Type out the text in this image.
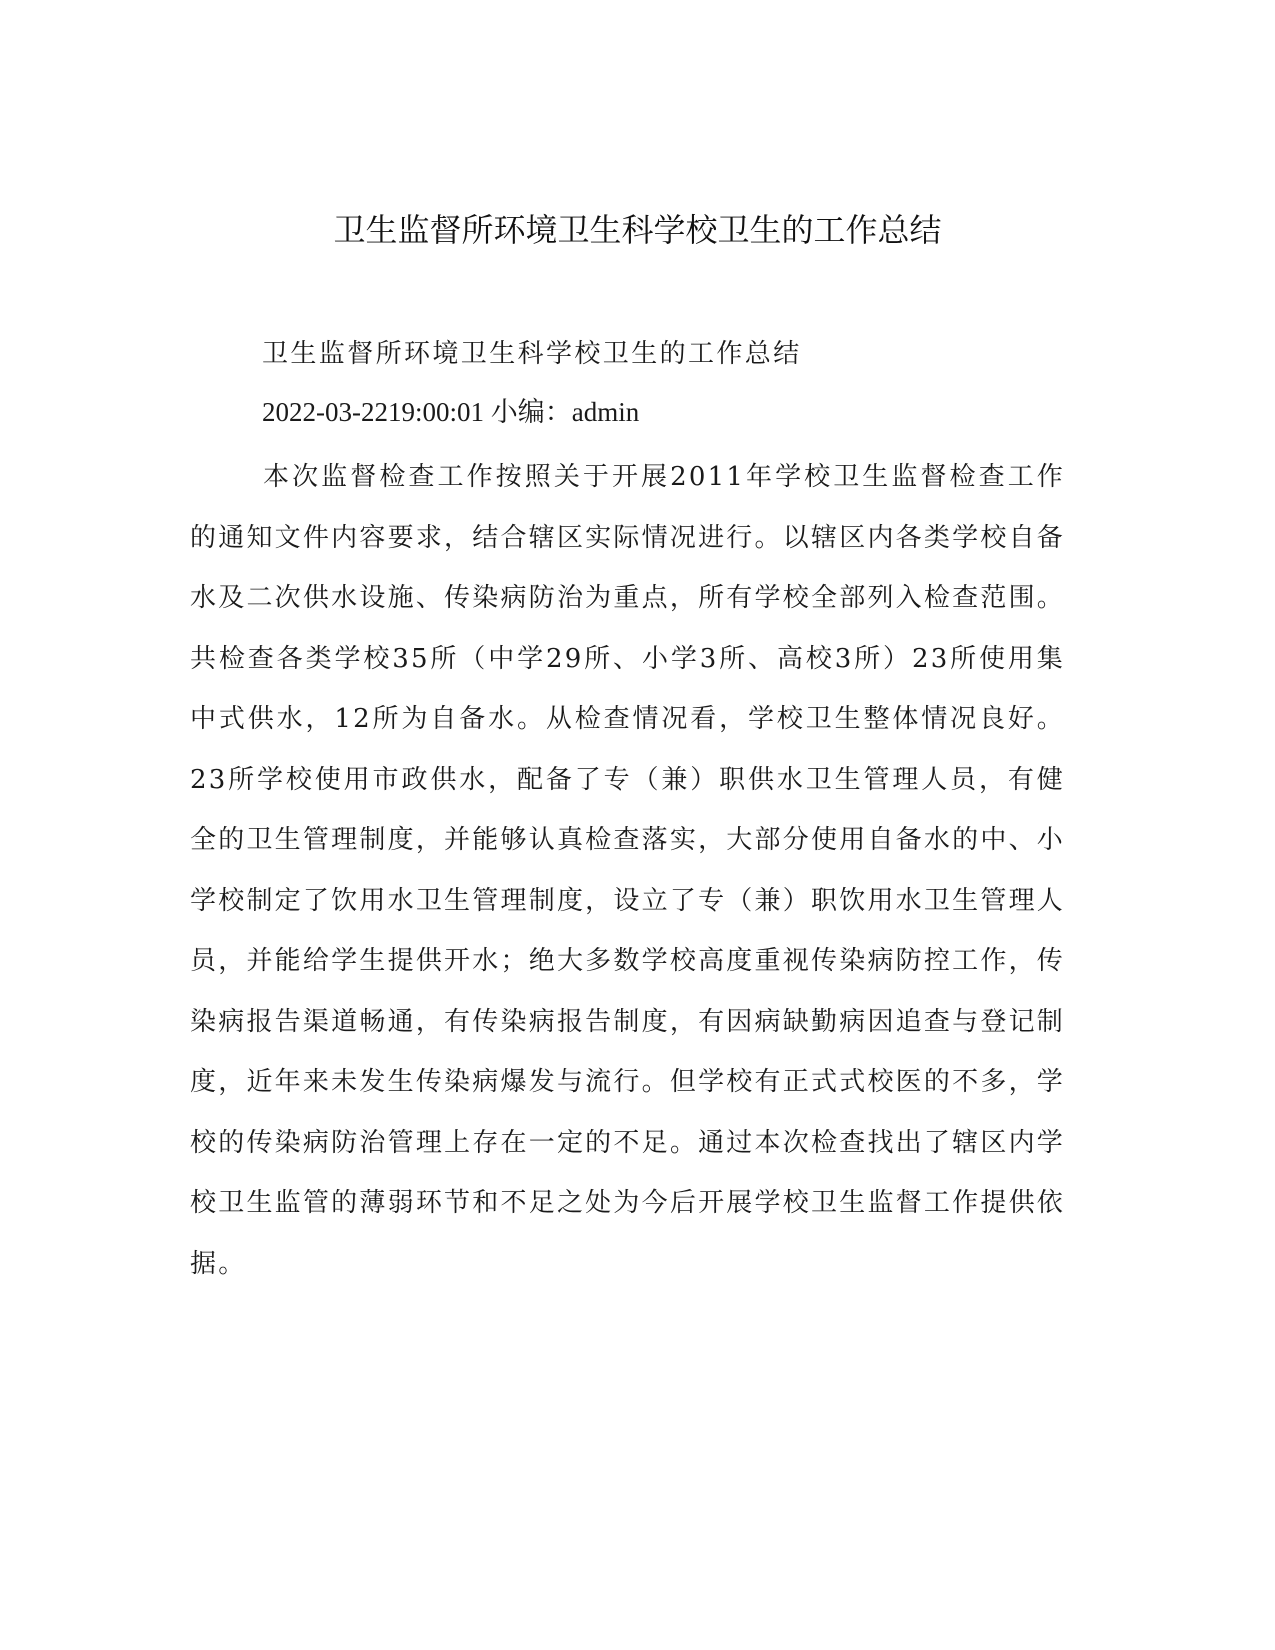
卫生监督所环境卫生科学校卫生的工作总结
卫生监督所环境卫生科学校卫生的工作总结
2022-03-2219:00:01 小编：admin
本次监督检查工作按照关于开展2011年学校卫生监督检查工作的通知文件内容要求，结合辖区实际情况进行。以辖区内各类学校自备水及二次供水设施、传染病防治为重点，所有学校全部列入检查范围。共检查各类学校35所（中学29所、小学3所、高校3所）23所使用集中式供水，12所为自备水。从检查情况看，学校卫生整体情况良好。23所学校使用市政供水，配备了专（兼）职供水卫生管理人员，有健全的卫生管理制度，并能够认真检查落实，大部分使用自备水的中、小学校制定了饮用水卫生管理制度，设立了专（兼）职饮用水卫生管理人员，并能给学生提供开水；绝大多数学校高度重视传染病防控工作，传染病报告渠道畅通，有传染病报告制度，有因病缺勤病因追查与登记制度，近年来未发生传染病爆发与流行。但学校有正式式校医的不多，学校的传染病防治管理上存在一定的不足。通过本次检查找出了辖区内学校卫生监管的薄弱环节和不足之处为今后开展学校卫生监督工作提供依据。
